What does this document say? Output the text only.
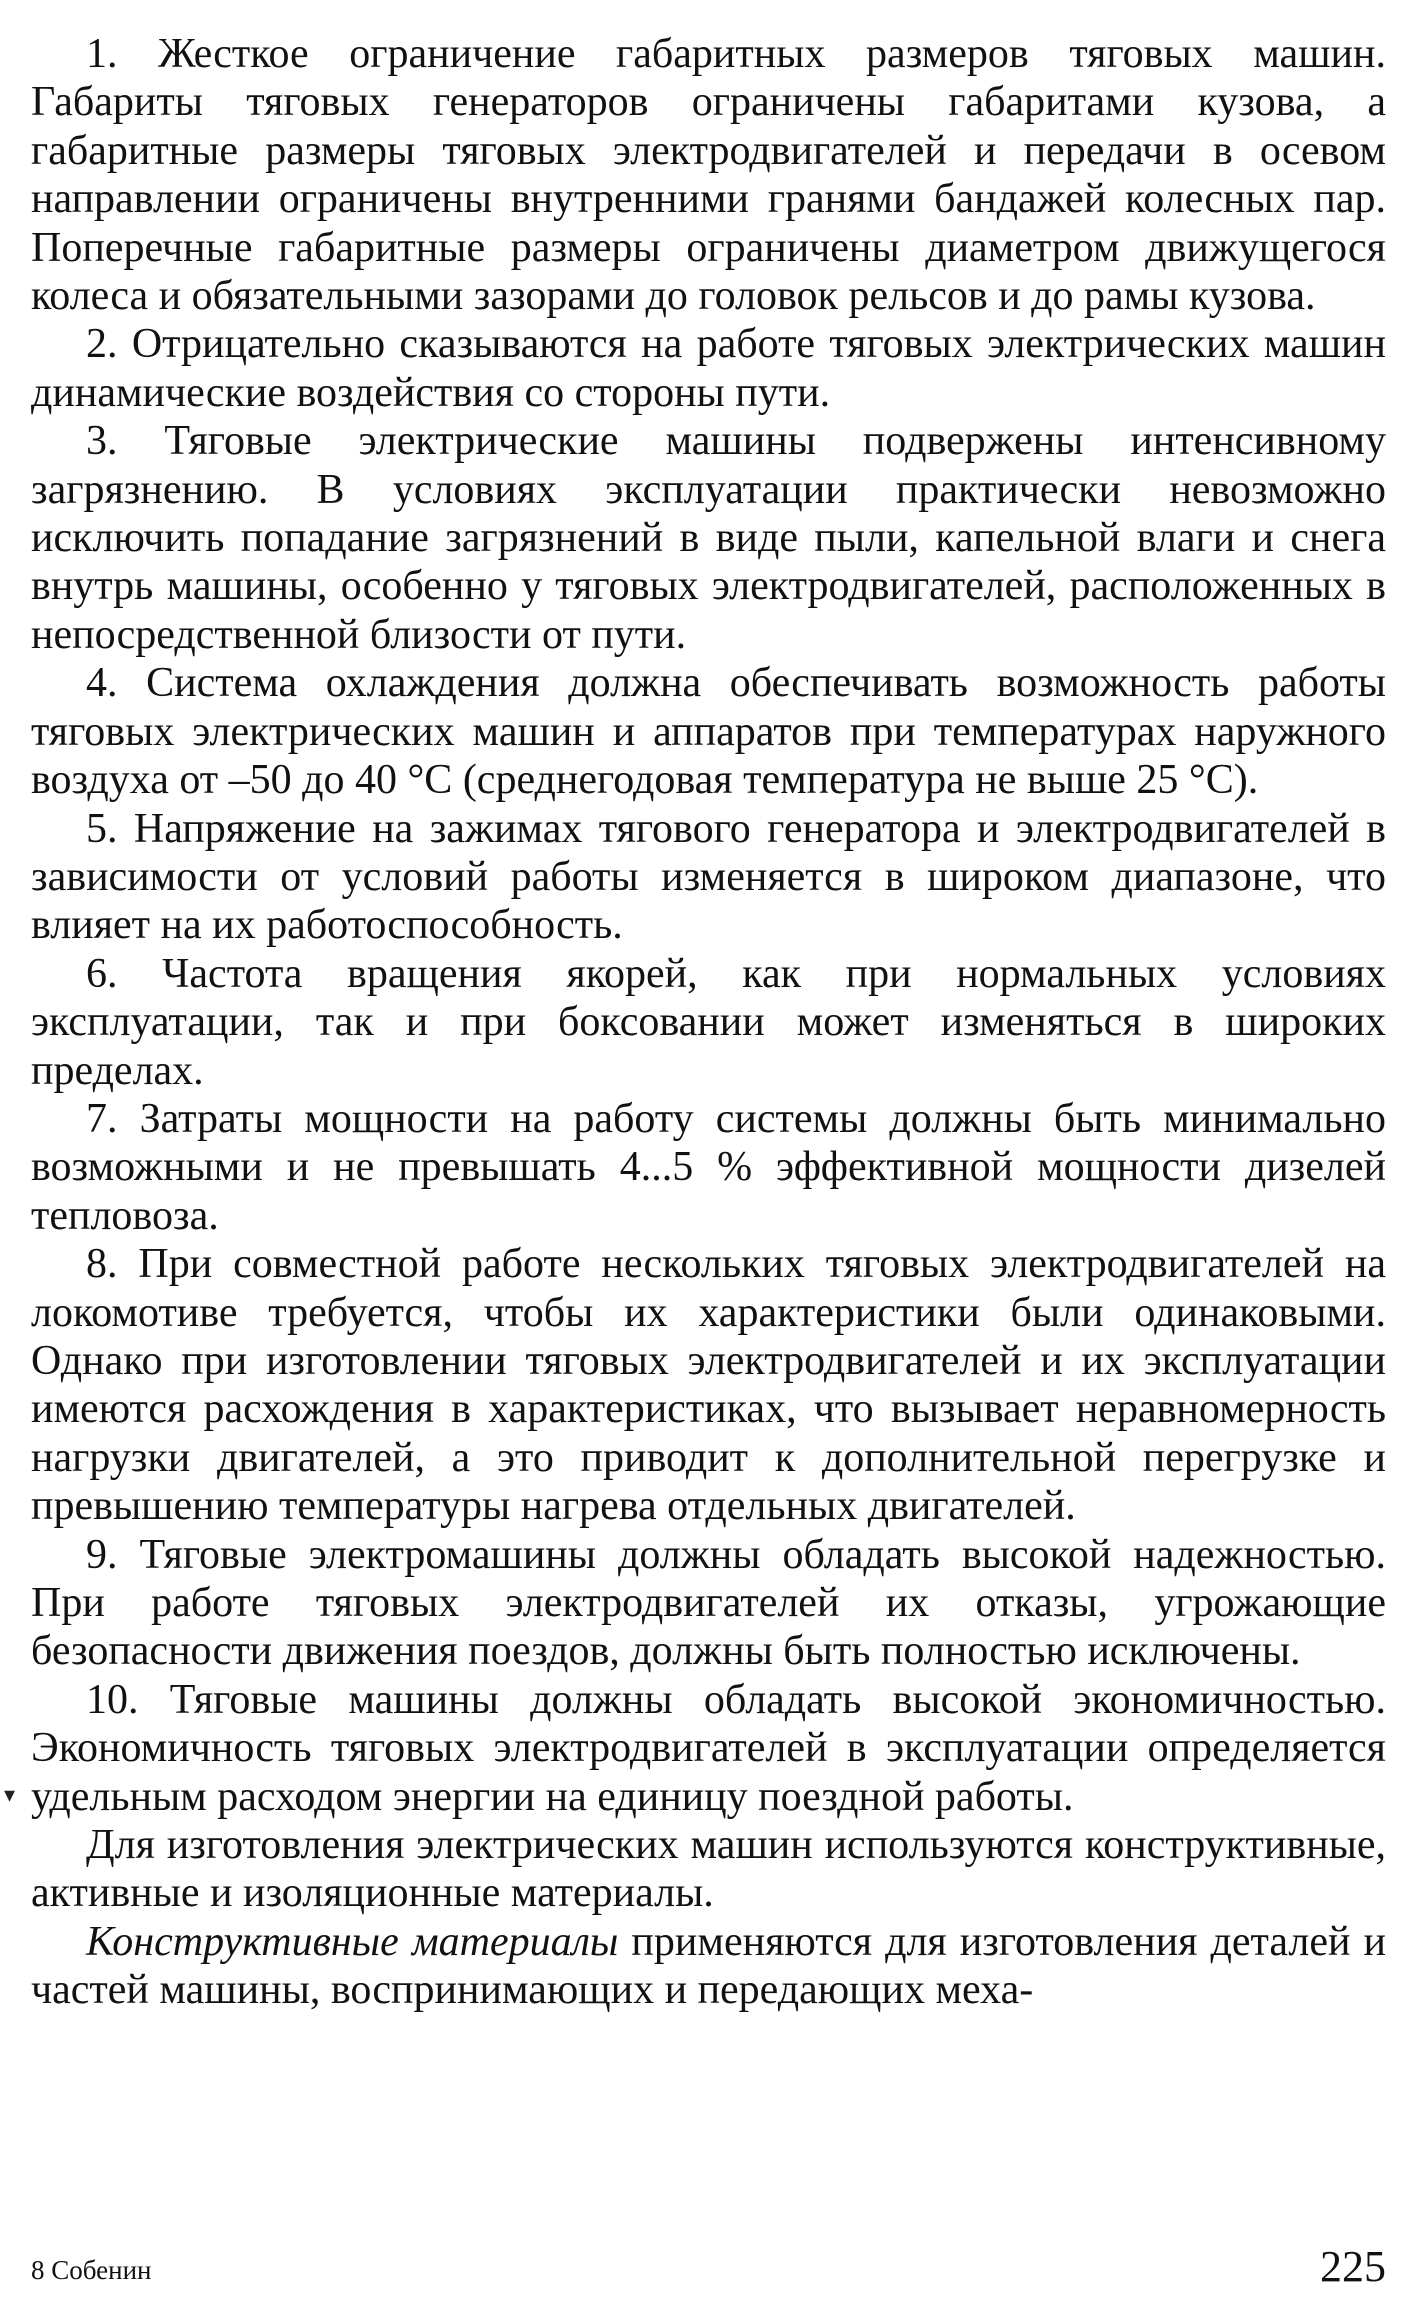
1. Жесткое ограничение габаритных размеров тяговых машин. Габариты тяговых генераторов ограничены габаритами кузова, а габаритные размеры тяговых электродвигателей и передачи в осевом направлении ограничены внутренними гранями бандажей колесных пар. Поперечные габаритные размеры ограничены диаметром движущегося колеса и обязательными зазорами до головок рельсов и до рамы кузова.

2. Отрицательно сказываются на работе тяговых электрических машин динамические воздействия со стороны пути.

3. Тяговые электрические машины подвержены интенсивному загрязнению. В условиях эксплуатации практически невозможно исключить попадание загрязнений в виде пыли, капельной влаги и снега внутрь машины, особенно у тяговых электродвигателей, расположенных в непосредственной близости от пути.

4. Система охлаждения должна обеспечивать возможность работы тяговых электрических машин и аппаратов при температурах наружного воздуха от –50 до 40 °С (среднегодовая температура не выше 25 °С).

5. Напряжение на зажимах тягового генератора и электродвигателей в зависимости от условий работы изменяется в широком диапазоне, что влияет на их работоспособность.

6. Частота вращения якорей, как при нормальных условиях эксплуатации, так и при боксовании может изменяться в широких пределах.

7. Затраты мощности на работу системы должны быть минимально возможными и не превышать 4...5 % эффективной мощности дизелей тепловоза.

8. При совместной работе нескольких тяговых электродвигателей на локомотиве требуется, чтобы их характеристики были одинаковыми. Однако при изготовлении тяговых электродвигателей и их эксплуатации имеются расхождения в характеристиках, что вызывает неравномерность нагрузки двигателей, а это приводит к дополнительной перегрузке и превышению температуры нагрева отдельных двигателей.

9. Тяговые электромашины должны обладать высокой надежностью. При работе тяговых электродвигателей их отказы, угрожающие безопасности движения поездов, должны быть полностью исключены.

10. Тяговые машины должны обладать высокой экономичностью. Экономичность тяговых электродвигателей в эксплуатации определяется удельным расходом энергии на единицу поездной работы.

Для изготовления электрических машин используются конструктивные, активные и изоляционные материалы.

Конструктивные материалы применяются для изготовления деталей и частей машины, воспринимающих и передающих меха-

▾
8 Собенин	225
